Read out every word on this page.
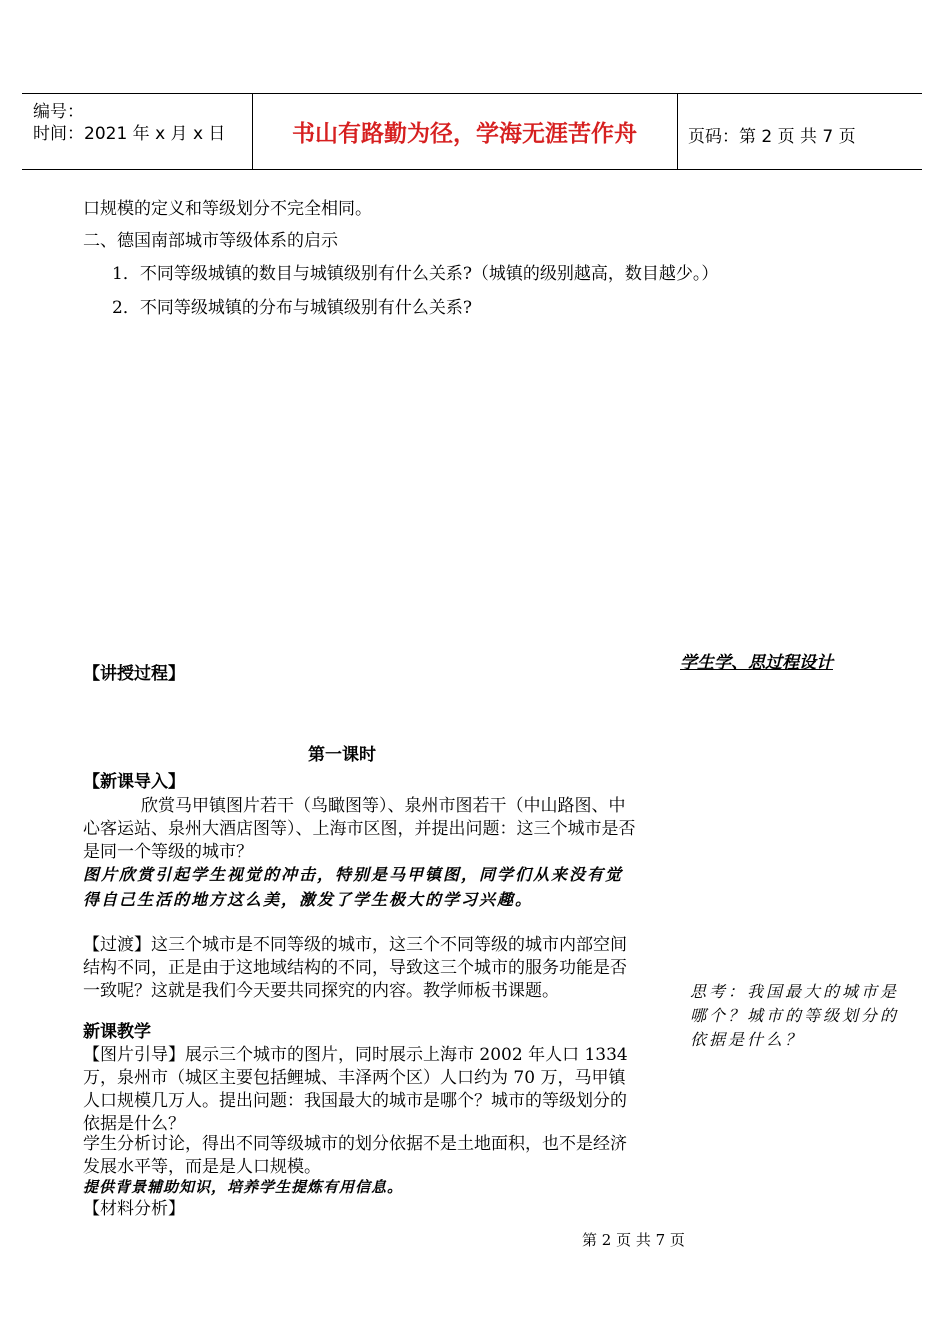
编号：
时间：2021 年 x 月 x 日	书山有路勤为径，学海无涯苦作舟	页码：第 2 页 共 7 页
口规模的定义和等级划分不完全相同。
二、德国南部城市等级体系的启示
1．不同等级城镇的数目与城镇级别有什么关系?（城镇的级别越高，数目越少。）
2．不同等级城镇的分布与城镇级别有什么关系?
【讲授过程】
学生学、思过程设计
第一课时
【新课导入】
欣赏马甲镇图片若干（鸟瞰图等）、泉州市图若干（中山路图、中心客运站、泉州大酒店图等）、上海市区图，并提出问题：这三个城市是否是同一个等级的城市？
图片欣赏引起学生视觉的冲击，特别是马甲镇图，同学们从来没有觉得自己生活的地方这么美，激发了学生极大的学习兴趣。
【过渡】这三个城市是不同等级的城市，这三个不同等级的城市内部空间结构不同，正是由于这地域结构的不同，导致这三个城市的服务功能是否一致呢？这就是我们今天要共同探究的内容。教学师板书课题。
新课教学
【图片引导】展示三个城市的图片，同时展示上海市 2002 年人口 1334 万，泉州市（城区主要包括鲤城、丰泽两个区）人口约为 70 万，马甲镇人口规模几万人。提出问题：我国最大的城市是哪个？城市的等级划分的依据是什么？
学生分析讨论，得出不同等级城市的划分依据不是土地面积，也不是经济发展水平等，而是是人口规模。
提供背景辅助知识，培养学生提炼有用信息。
【材料分析】
思考：我国最大的城市是哪个？城市的等级划分的依据是什么？
第 2 页 共 7 页
